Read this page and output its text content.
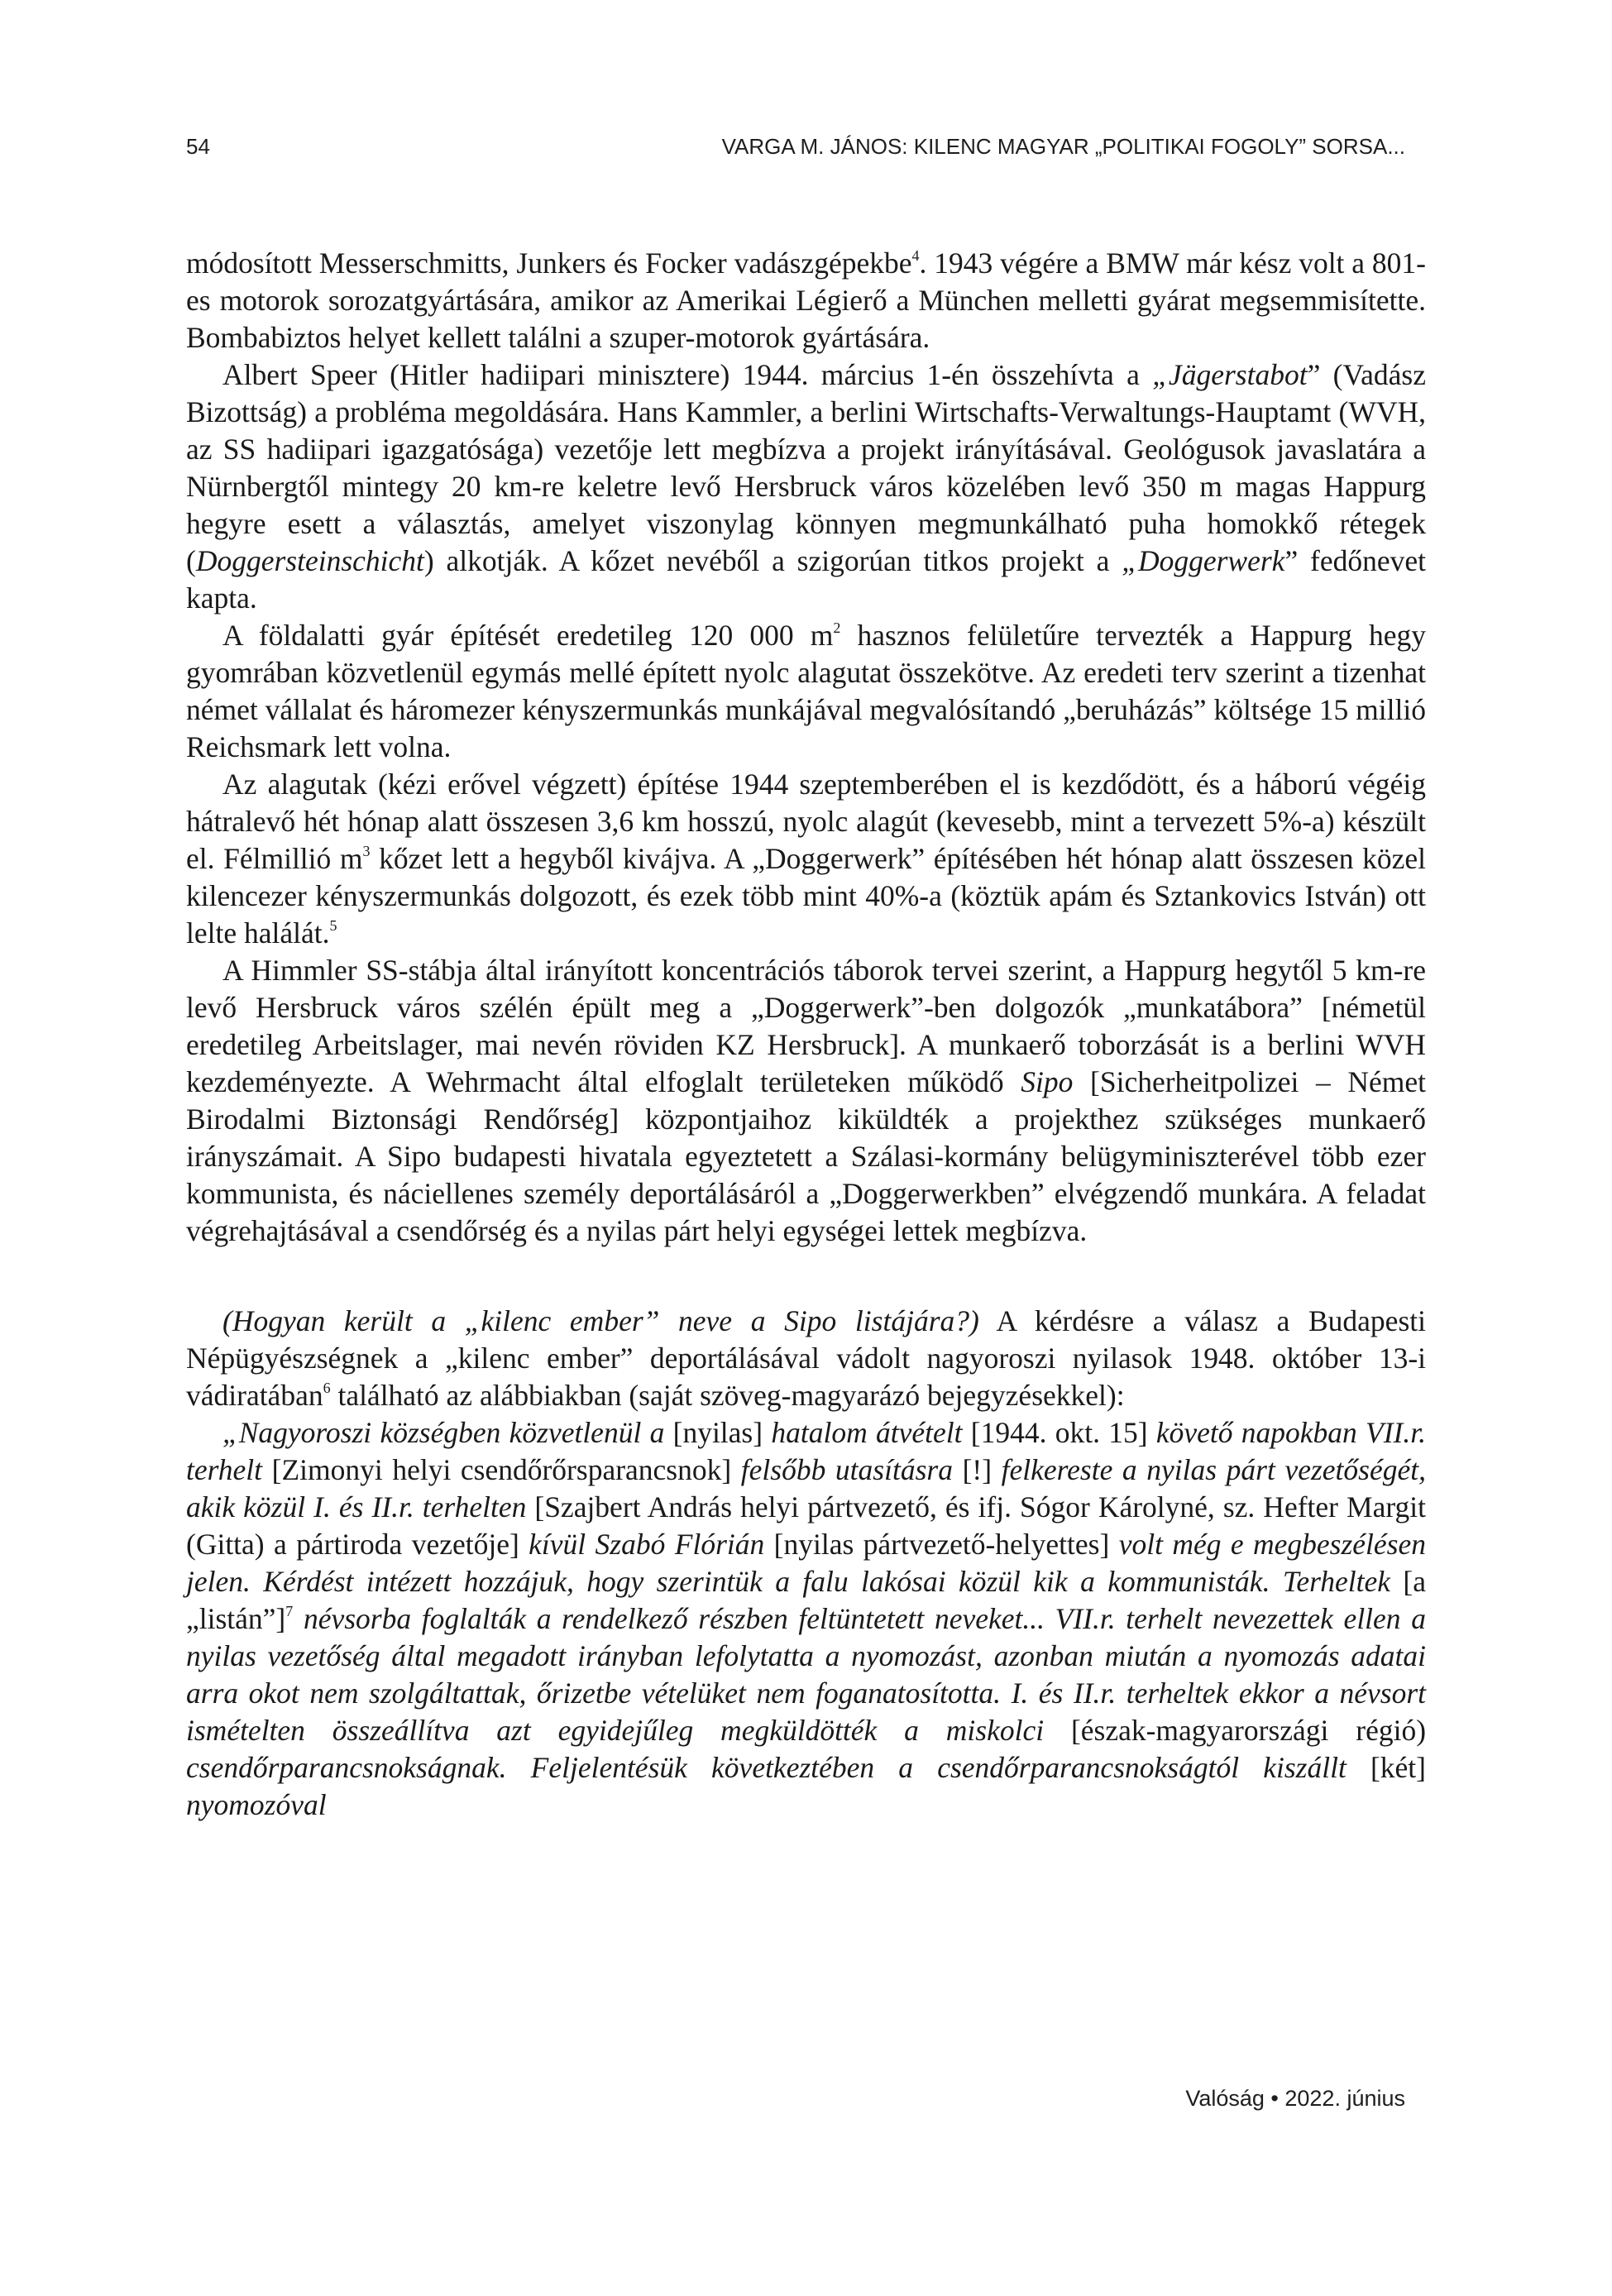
54	VARGA M. JÁNOS: KILENC MAGYAR „POLITIKAI FOGOLY” SORSA...

módosított Messerschmitts, Junkers és Focker vadászgépekbe$^4$. 1943 végére a BMW már kész volt a 801-es motorok sorozatgyártására, amikor az Amerikai Légierő a München melletti gyárat megsemmisítette. Bombabiztos helyet kellett találni a szuper-motorok gyártására.

Albert Speer (Hitler hadiipari minisztere) 1944. március 1-én összehívta a „Jägerstabot” (Vadász Bizottság) a probléma megoldására. Hans Kammler, a berlini Wirtschafts-Verwaltungs-Hauptamt (WVH, az SS hadiipari igazgatósága) vezetője lett megbízva a projekt irányításával. Geológusok javaslatára a Nürnbergtől mintegy 20 km-re keletre levő Hersbruck város közelében levő 350 m magas Happurg hegyre esett a választás, amelyet viszonylag könnyen megmunkálható puha homokkő rétegek (Doggersteinschicht) alkotják. A kőzet nevéből a szigorúan titkos projekt a „Doggerwerk” fedőnevet kapta.

A földalatti gyár építését eredetileg 120 000 $m^2$ hasznos felületűre tervezték a Happurg hegy gyomrában közvetlenül egymás mellé épített nyolc alagutat összekötve. Az eredeti terv szerint a tizenhat német vállalat és háromezer kényszermunkás munkájával megvalósítandó „beruházás” költsége 15 millió Reichsmark lett volna.

Az alagutak (kézi erővel végzett) építése 1944 szeptemberében el is kezdődött, és a háború végéig hátralevő hét hónap alatt összesen 3,6 km hosszú, nyolc alagút (kevesebb, mint a tervezett 5%-a) készült el. Félmillió $m^3$ kőzet lett a hegyből kivájva. A „Doggerwerk” építésében hét hónap alatt összesen közel kilencezer kényszermunkás dolgozott, és ezek több mint 40%-a (köztük apám és Sztankovics István) ott lelte halálát.$^5$

A Himmler SS-stábja által irányított koncentrációs táborok tervei szerint, a Happurg hegytől 5 km-re levő Hersbruck város szélén épült meg a „Doggerwerk”-ben dolgozók „munkatábora” [németül eredetileg Arbeitslager, mai nevén röviden KZ Hersbruck]. A munkaerő toborzását is a berlini WVH kezdeményezte. A Wehrmacht által elfoglalt területeken működő Sipo [Sicherheitpolizei – Német Birodalmi Biztonsági Rendőrség] központjaihoz kiküldték a projekthez szükséges munkaerő irányszámait. A Sipo budapesti hivatala egyeztetett a Szálasi-kormány belügyminiszterével több ezer kommunista, és náciellenes személy deportálásáról a „Doggerwerkben” elvégzendő munkára. A feladat végrehajtásával a csendőrség és a nyilas párt helyi egységei lettek megbízva.

(Hogyan került a „kilenc ember” neve a Sipo listájára?) A kérdésre a válasz a Budapesti Népügyészségnek a „kilenc ember” deportálásával vádolt nagyoroszi nyilasok 1948. október 13-i vádiratában$^6$ található az alábbiakban (saját szöveg-magyarázó bejegyzésekkel):

„Nagyoroszi községben közvetlenül a [nyilas] hatalom átvételt [1944. okt. 15] követő napokban VII.r. terhelt [Zimonyi helyi csendőrőrsparancsnok] felsőbb utasításra [!] felkereste a nyilas párt vezetőségét, akik közül I. és II.r. terhelten [Szajbert András helyi pártvezető, és ifj. Sógor Károlyné, sz. Hefter Margit (Gitta) a pártiroda vezetője] kívül Szabó Flórián [nyilas pártvezető-helyettes] volt még e megbeszélésen jelen. Kérdést intézett hozzájuk, hogy szerintük a falu lakósai közül kik a kommunisták. Terheltek [a „listán”]$^7$ névsorba foglalták a rendelkező részben feltüntetett neveket... VII.r. terhelt nevezettek ellen a nyilas vezetőség által megadott irányban lefolytatta a nyomozást, azonban miután a nyomozás adatai arra okot nem szolgáltattak, őrizetbe vételüket nem foganatosította. I. és II.r. terheltek ekkor a névsort ismételten összeállítva azt egyidejűleg megküldötték a miskolci [észak-magyarországi régió) csendőrparancsnokságnak. Feljelentésük következtében a csendőrparancsnokságtól kiszállt [két] nyomozóval

Valóság • 2022. június
